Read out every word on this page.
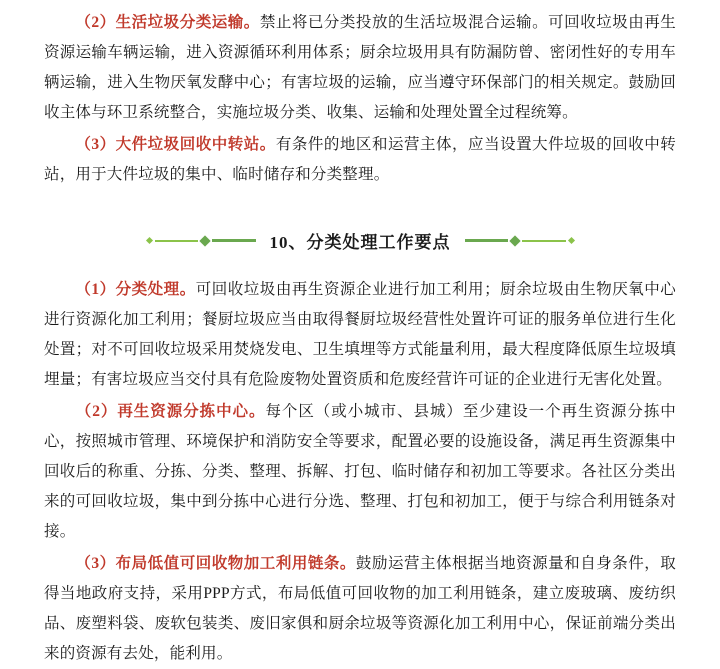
（2）生活垃圾分类运输。禁止将已分类投放的生活垃圾混合运输。可回收垃圾由再生资源运输车辆运输，进入资源循环利用体系；厨余垃圾用具有防漏防曾、密闭性好的专用车辆运输，进入生物厌氧发酵中心；有害垃圾的运输，应当遵守环保部门的相关规定。鼓励回收主体与环卫系统整合，实施垃圾分类、收集、运输和处理处置全过程统筹。

（3）大件垃圾回收中转站。有条件的地区和运营主体，应当设置大件垃圾的回收中转站，用于大件垃圾的集中、临时储存和分类整理。

10、分类处理工作要点

（1）分类处理。可回收垃圾由再生资源企业进行加工利用；厨余垃圾由生物厌氧中心进行资源化加工利用；餐厨垃圾应当由取得餐厨垃圾经营性处置许可证的服务单位进行生化处置；对不可回收垃圾采用焚烧发电、卫生填埋等方式能量利用，最大程度降低原生垃圾填埋量；有害垃圾应当交付具有危险废物处置资质和危废经营许可证的企业进行无害化处置。

（2）再生资源分拣中心。每个区（或小城市、县城）至少建设一个再生资源分拣中心，按照城市管理、环境保护和消防安全等要求，配置必要的设施设备，满足再生资源集中回收后的称重、分拣、分类、整理、拆解、打包、临时储存和初加工等要求。各社区分类出来的可回收垃圾，集中到分拣中心进行分选、整理、打包和初加工，便于与综合利用链条对接。

（3）布局低值可回收物加工利用链条。鼓励运营主体根据当地资源量和自身条件，取得当地政府支持，采用PPP方式，布局低值可回收物的加工利用链条，建立废玻璃、废纺织品、废塑料袋、废软包装类、废旧家俱和厨余垃圾等资源化加工利用中心，保证前端分类出来的资源有去处，能利用。
